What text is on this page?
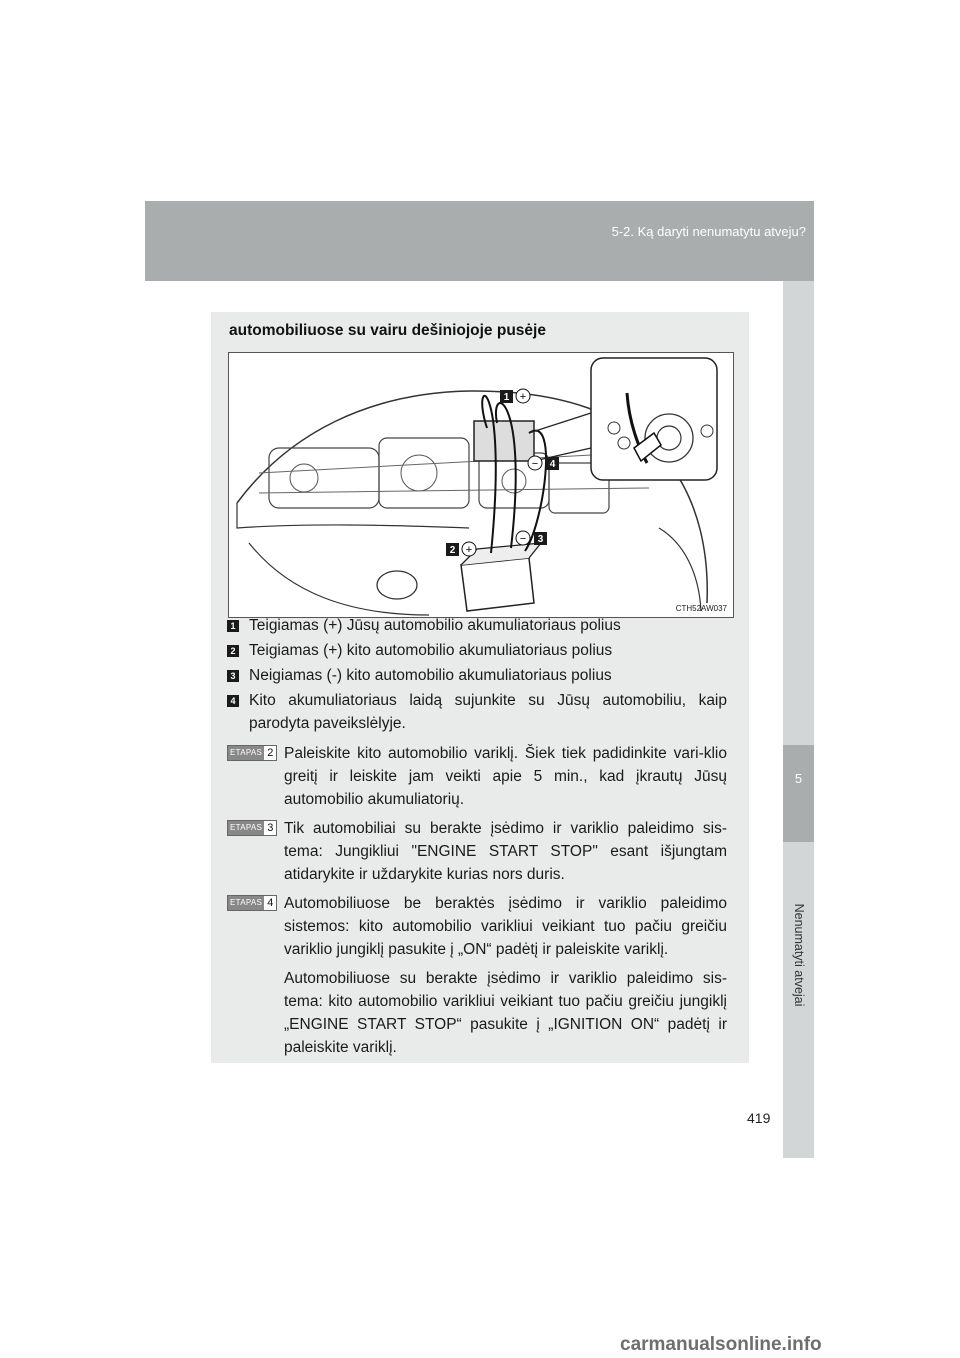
5-2. Ką daryti nenumatytu atveju?
5
Nenumatyti atvejai
automobiliuose su vairu dešiniojoje pusėje
1 +
− 4
2 +
− 3
CTH52AW037
1 Teigiamas (+) Jūsų automobilio akumuliatoriaus polius
2 Teigiamas (+) kito automobilio akumuliatoriaus polius
3 Neigiamas (-) kito automobilio akumuliatoriaus polius
4 Kito akumuliatoriaus laidą sujunkite su Jūsų automobiliu, kaip parodyta paveikslėlyje.
ETAPAS 2 Paleiskite kito automobilio variklį. Šiek tiek padidinkite vari-klio greitį ir leiskite jam veikti apie 5 min., kad įkrautų Jūsų automobilio akumuliatorių.

ETAPAS 3 Tik automobiliai su berakte įsėdimo ir variklio paleidimo sis-tema: Jungikliui "ENGINE START STOP" esant išjungtam atidarykite ir uždarykite kurias nors duris.

ETAPAS 4 Automobiliuose be beraktės įsėdimo ir variklio paleidimo sistemos: kito automobilio varikliui veikiant tuo pačiu greičiu variklio jungiklį pasukite į „ON“ padėtį ir paleiskite variklį.

Automobiliuose su berakte įsėdimo ir variklio paleidimo sis-tema: kito automobilio varikliui veikiant tuo pačiu greičiu jungiklį „ENGINE START STOP“ pasukite į „IGNITION ON“ padėtį ir paleiskite variklį.

419
carmanualsonline.info
